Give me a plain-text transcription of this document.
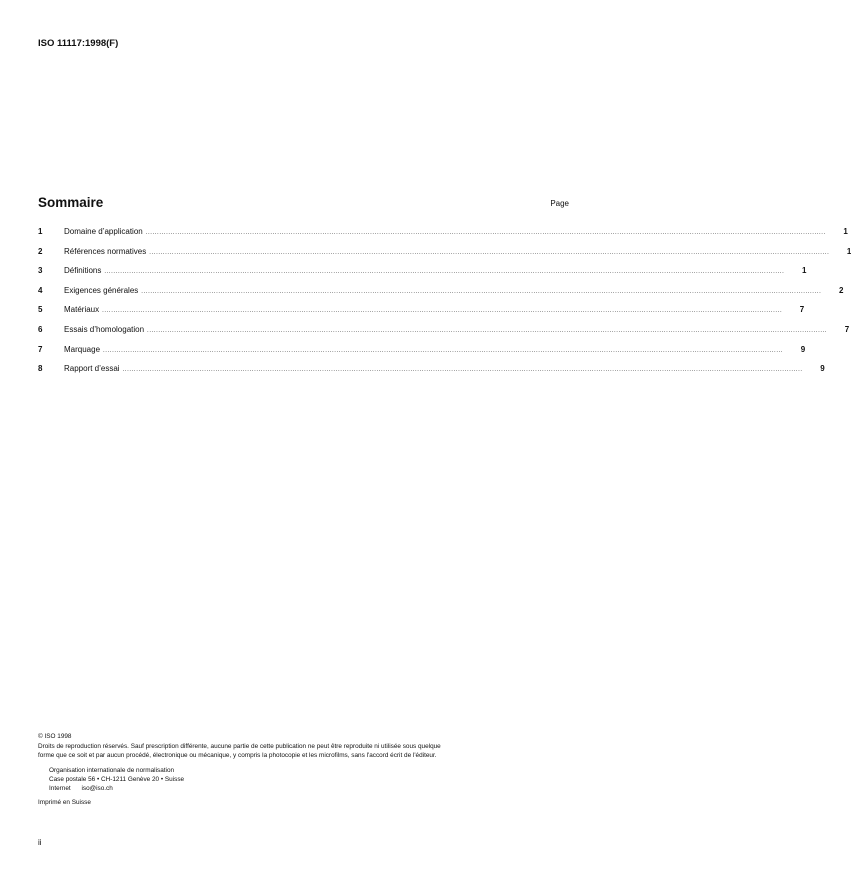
ISO 11117:1998(F)
Sommaire	Page
1	Domaine d’application ............................................................................................................................................................................................................................................................................................................	1
2	Références normatives ............................................................................................................................................................................................................................................................................................................	1
3	Définitions ............................................................................................................................................................................................................................................................................................................	1
4	Exigences générales ............................................................................................................................................................................................................................................................................................................	2
5	Matériaux ............................................................................................................................................................................................................................................................................................................	7
6	Essais d’homologation ............................................................................................................................................................................................................................................................................................................	7
7	Marquage ............................................................................................................................................................................................................................................................................................................	9
8	Rapport d’essai ............................................................................................................................................................................................................................................................................................................	9
© ISO 1998
Droits de reproduction réservés. Sauf prescription différente, aucune partie de cette publication ne peut être reproduite ni utilisée sous quelque
forme que ce soit et par aucun procédé, électronique ou mécanique, y compris la photocopie et les microfilms, sans l'accord écrit de l'éditeur.
Organisation internationale de normalisation
Case postale 56 • CH-1211 Genève 20 • Suisse
Internet iso@iso.ch
Imprimé en Suisse
ii
